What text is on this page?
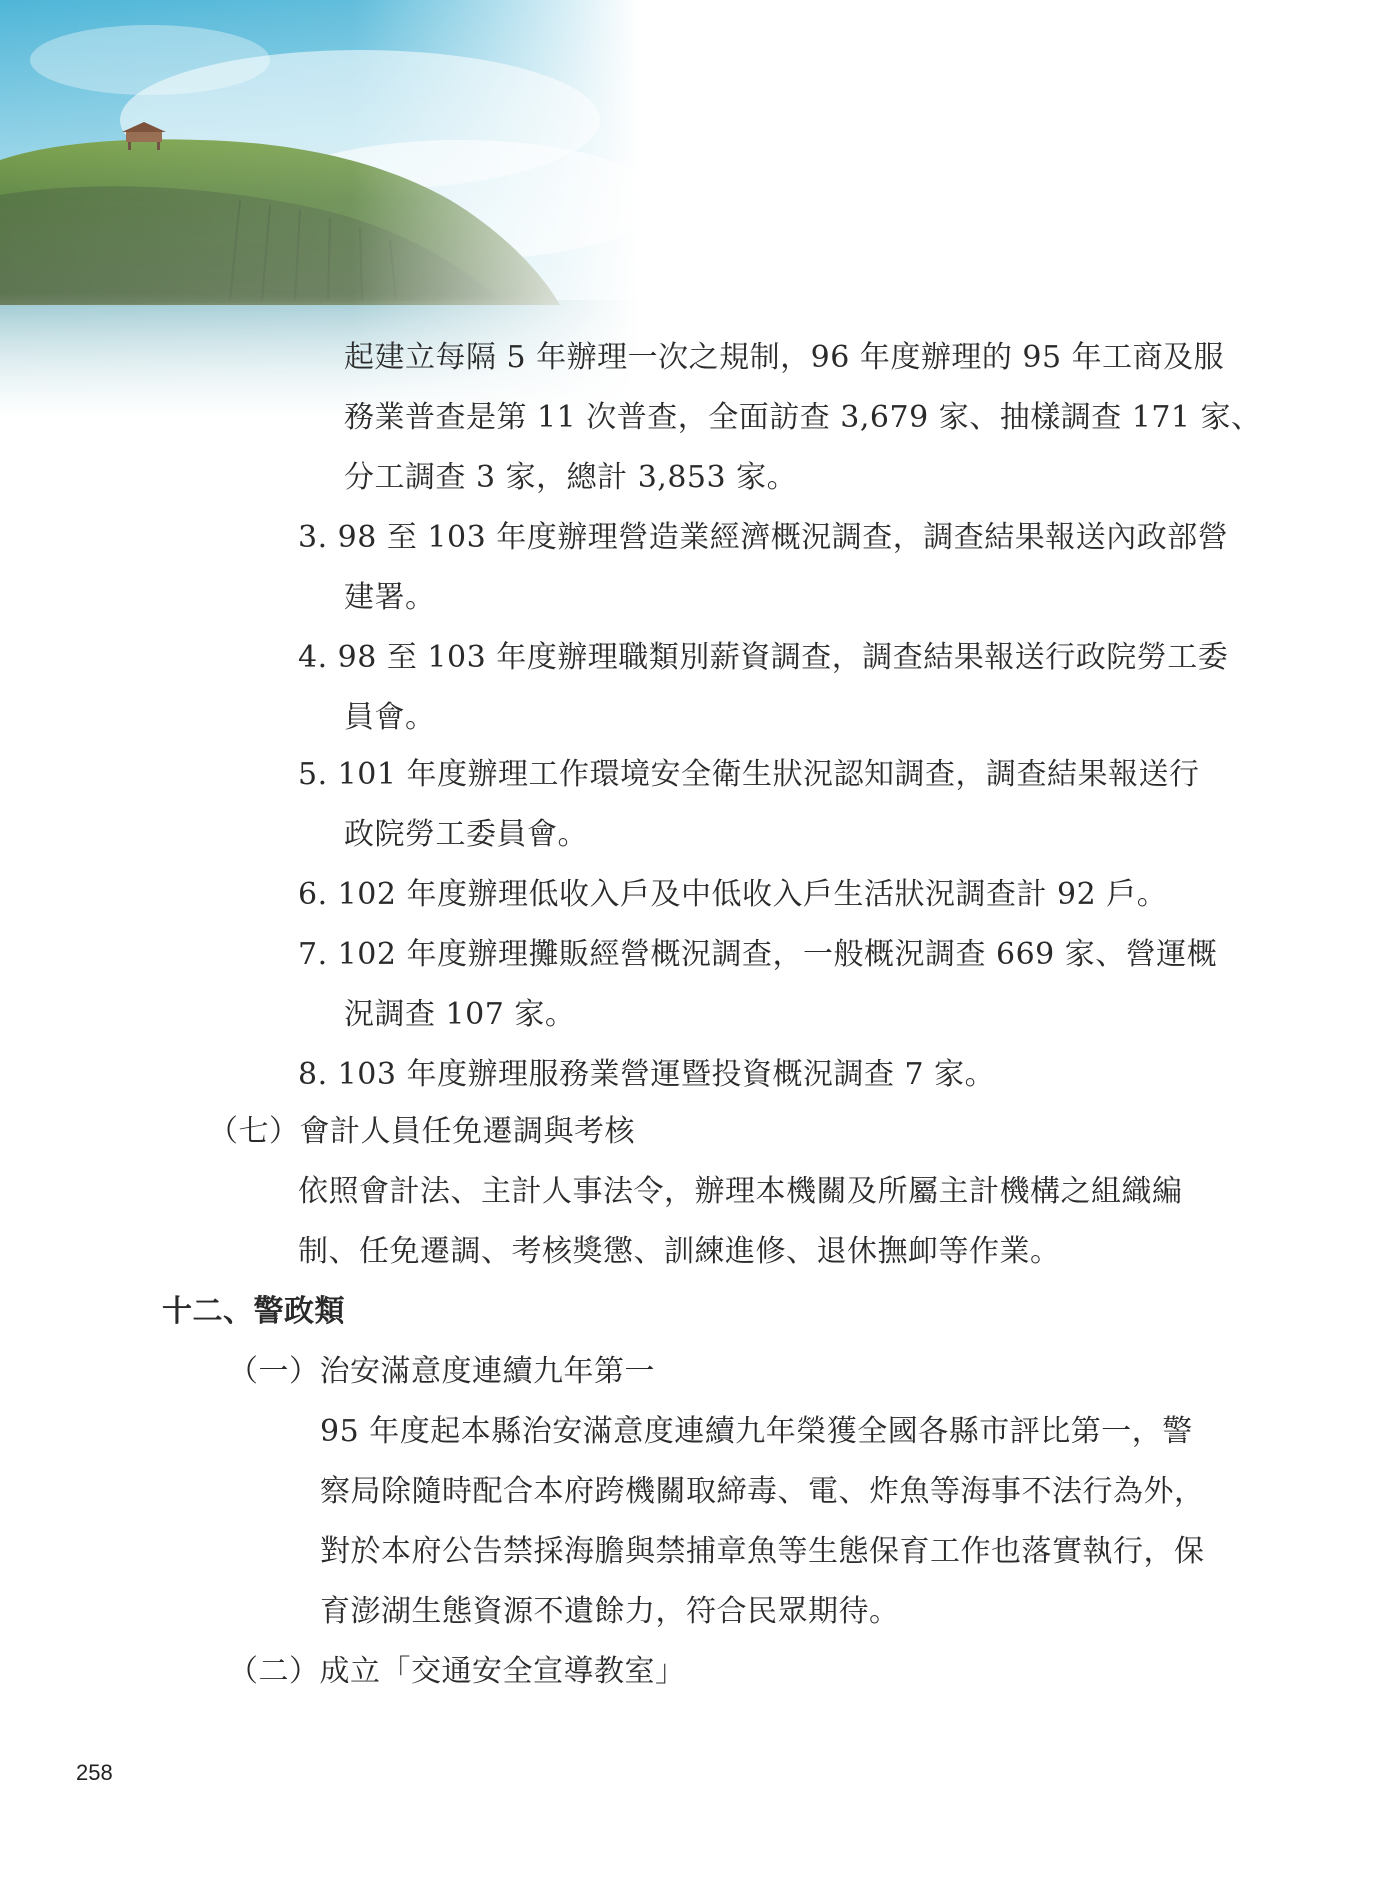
起建立每隔 5 年辦理一次之規制，96 年度辦理的 95 年工商及服
務業普查是第 11 次普查，全面訪查 3,679 家、抽樣調查 171 家、
分工調查 3 家，總計 3,853 家。
3. 98 至 103 年度辦理營造業經濟概況調查，調查結果報送內政部營
建署。
4. 98 至 103 年度辦理職類別薪資調查，調查結果報送行政院勞工委
員會。
5. 101 年度辦理工作環境安全衛生狀況認知調查，調查結果報送行
政院勞工委員會。
6. 102 年度辦理低收入戶及中低收入戶生活狀況調查計 92 戶。
7. 102 年度辦理攤販經營概況調查，一般概況調查 669 家、營運概
況調查 107 家。
8. 103 年度辦理服務業營運暨投資概況調查 7 家。
（七）會計人員任免遷調與考核
依照會計法、主計人事法令，辦理本機關及所屬主計機構之組織編
制、任免遷調、考核獎懲、訓練進修、退休撫卹等作業。
十二、警政類
（一）治安滿意度連續九年第一
95 年度起本縣治安滿意度連續九年榮獲全國各縣市評比第一，警
察局除隨時配合本府跨機關取締毒、電、炸魚等海事不法行為外，
對於本府公告禁採海膽與禁捕章魚等生態保育工作也落實執行，保
育澎湖生態資源不遺餘力，符合民眾期待。
（二）成立「交通安全宣導教室」
258
